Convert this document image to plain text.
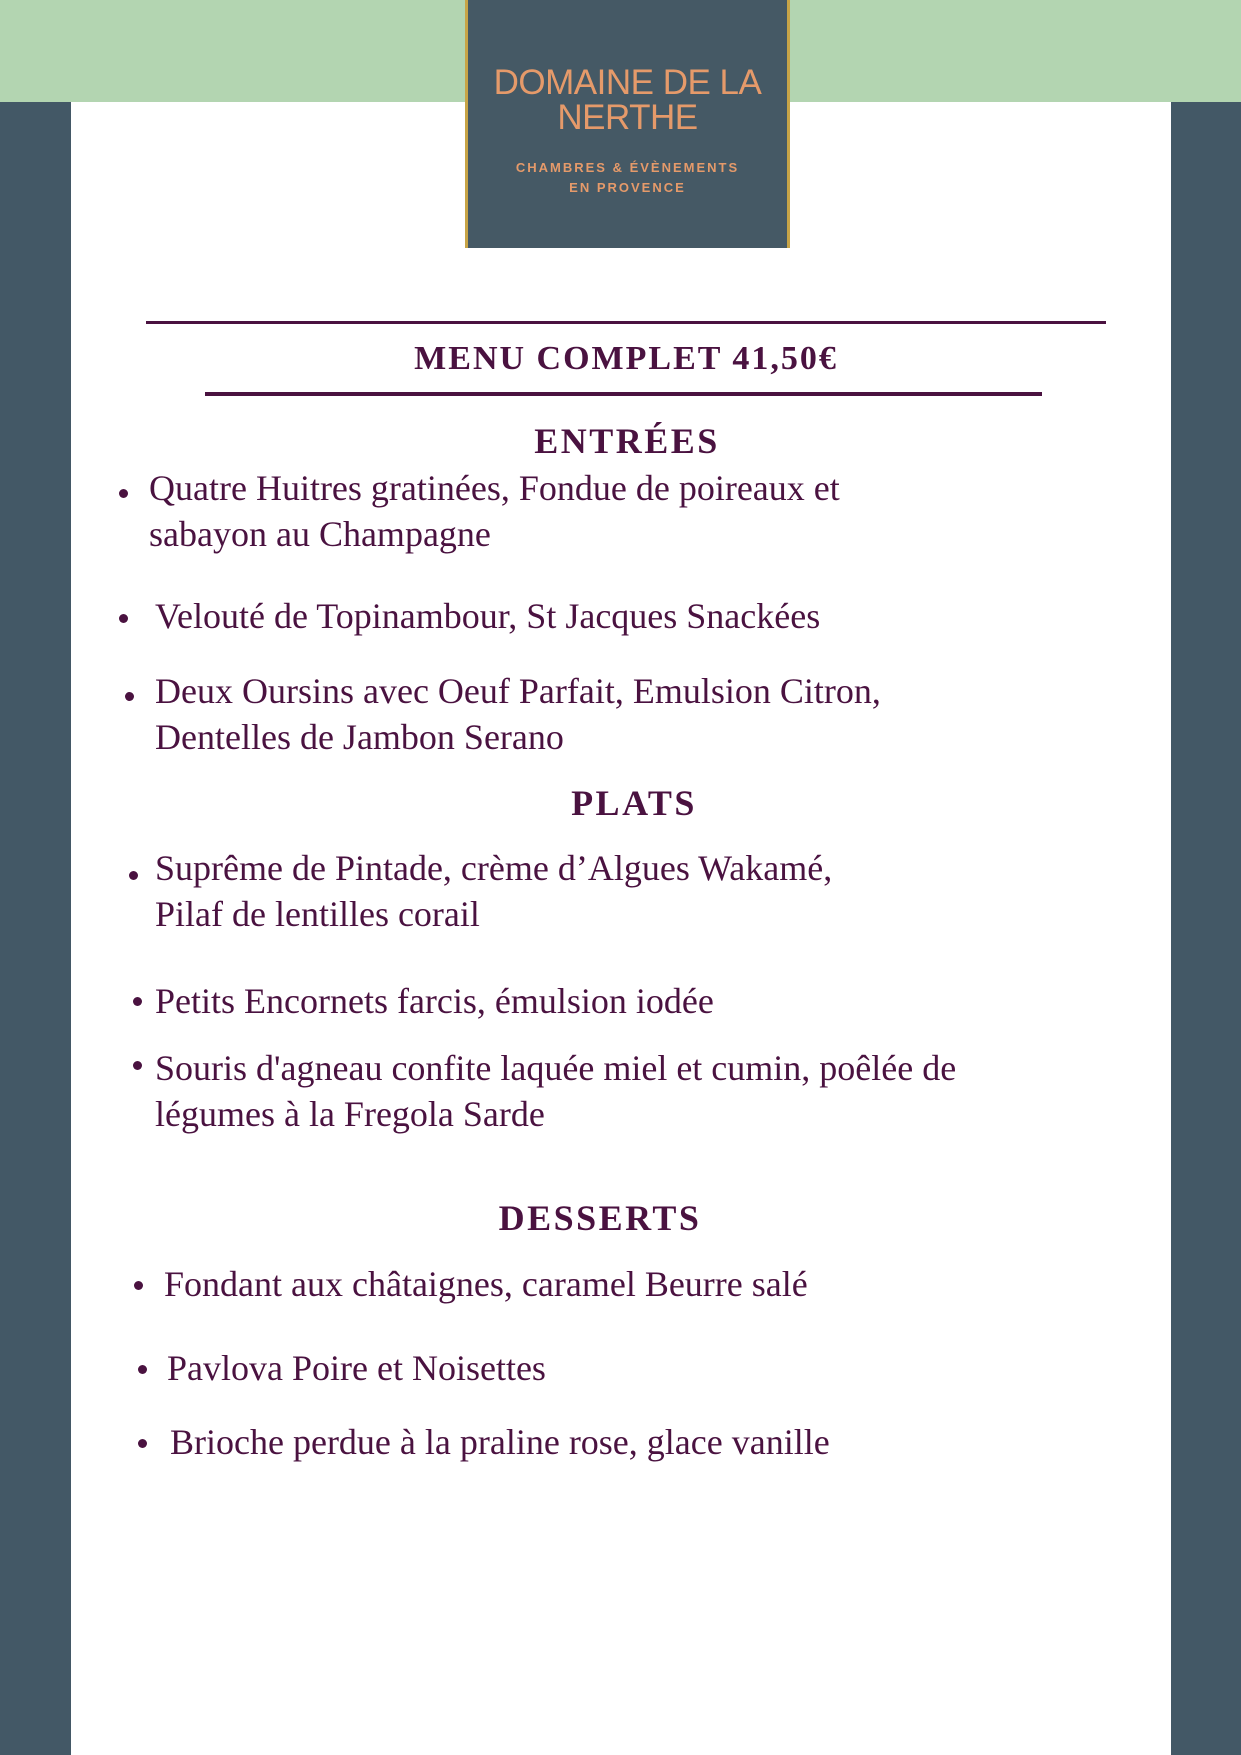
DOMAINE DE LA
NERTHE
CHAMBRES & ÉVÈNEMENTS
EN PROVENCE
MENU COMPLET 41,50€
ENTRÉES
Quatre Huitres gratinées, Fondue de poireaux et
sabayon au Champagne
Velouté de Topinambour, St Jacques Snackées
Deux Oursins avec Oeuf Parfait, Emulsion Citron,
Dentelles de Jambon Serano
PLATS
Suprême de Pintade, crème d’Algues Wakamé,
Pilaf de lentilles corail
Petits Encornets farcis, émulsion iodée
Souris d'agneau confite laquée miel et cumin, poêlée de
légumes à la Fregola Sarde
DESSERTS
Fondant aux châtaignes, caramel Beurre salé
Pavlova Poire et Noisettes
Brioche perdue à la praline rose, glace vanille
